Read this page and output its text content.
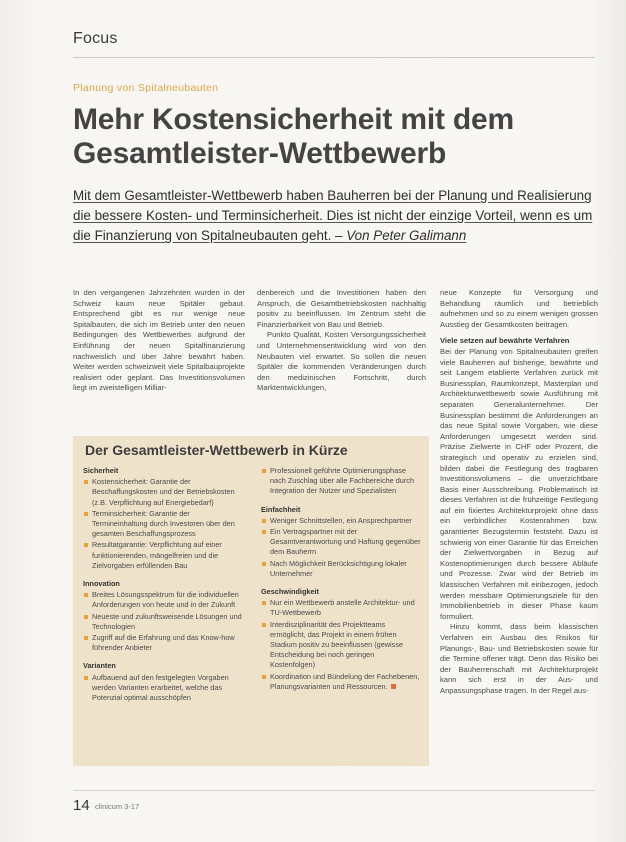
Focus
Planung von Spitalneubauten
Mehr Kostensicherheit mit dem Gesamtleister-Wettbewerb
Mit dem Gesamtleister-Wettbewerb haben Bauherren bei der Planung und Realisierung die bessere Kosten- und Terminsicherheit. Dies ist nicht der einzige Vorteil, wenn es um die Finanzierung von Spitalneubauten geht. – Von Peter Galimann

In den vergangenen Jahrzehnten wurden in der Schweiz kaum neue Spitäler gebaut. Entsprechend gibt es nur wenige neue Spitalbauten, die sich im Betrieb unter den neuen Bedingungen des Wettbewerbes aufgrund der Einführung der neuen Spitalfinanzierung nachweislich und über Jahre bewährt haben. Weiter werden schweizweit viele Spitalbauprojekte realisiert oder geplant. Das Investitionsvolumen liegt im zweistelligen Milliar-

denbereich und die Investitionen haben den Anspruch, die Gesamtbetriebskosten nachhaltig positiv zu beeinflussen. Im Zentrum steht die Finanzierbarkeit von Bau und Betrieb.

Punkto Qualität, Kosten Versorgungssicherheit und Unternehmensentwicklung wird von den Neubauten viel erwartet. So sollen die neuen Spitäler die kommenden Veränderungen durch den medizinischen Fortschritt, durch Marktentwicklungen,

neue Konzepte für Versorgung und Behandlung räumlich und betrieblich aufnehmen und so zu einem wenigen grossen Ausstieg der Gesamtkosten beitragen.

Viele setzen auf bewährte Verfahren

Bei der Planung von Spitalneubauten greifen viele Bauherren auf bisherige, bewährte und seit Langem etablierte Verfahren zurück mit Businessplan, Raumkonzept, Masterplan und Architekturwettbewerb sowie Ausführung mit separaten Generalunternehmer. Der Businessplan bestimmt die Anforderungen an das neue Spital sowie Vorgaben, wie diese Anforderungen umgesetzt werden sind. Präzise Zielwerte in CHF oder Prozent, die strategisch und operativ zu erzielen sind, bilden dabei die Festlegung des tragbaren Investitionsvolumens – die unverzichtbare Basis einer Ausschreibung. Problematisch ist dieses Verfahren ist die frühzeitige Festlegung auf ein fixiertes Architekturprojekt ohne dass ein verbindlicher Kostenrahmen bzw. garantierter Bezugstermin feststeht. Dazu ist schwierig von einer Garantie für das Erreichen der Zielwertvorgaben in Bezug auf Kostenoptimierungen durch bessere Abläufe und Prozesse. Zwar wird der Betrieb im klassischen Verfahren mit einbezogen, jedoch werden messbare Optimierungsziele für den Immobilienbetrieb in dieser Phase kaum formuliert.

Hinzu kommt, dass beim klassischen Verfahren ein Ausbau des Risikos für Planungs-, Bau- und Betriebskosten sowie für die Termine offener trägt. Denn das Risiko bei der Bauherrenschaft mit Architekturprojekt kann sich erst in der Aus- und Anpassungsphase tragen. In der Regel aus-

Der Gesamtleister-Wettbewerb in Kürze
Sicherheit
Kostensicherheit: Garantie der Beschaffungskosten und der Betriebskosten (z.B. Verpflichtung auf Energiebedarf)
Terminsicherheit: Garantie der Termineinhaltung durch Investoren über den gesamten Beschaffungsprozess
Resultatgarantie: Verpflichtung auf einer funktionierenden, mängelfreien und die Zielvorgaben erfüllenden Bau
Innovation
Breites Lösungsspektrum für die individuellen Anforderungen von heute und in der Zukunft
Neueste und zukunftsweisende Lösungen und Technologien
Zugriff auf die Erfahrung und das Know-how führender Anbieter
Varianten
Aufbauend auf den festgelegten Vorgaben werden Varianten erarbeitet, welche das Potenzial optimal ausschöpfen
Professionell geführte Optimierungsphase nach Zuschlag über alle Fachbereiche durch Integration der Nutzer und Spezialisten
Einfachheit
Weniger Schnittstellen, ein Ansprechpartner
Ein Vertragspartner mit der Gesamtverantwortung und Haftung gegenüber dem Bauherrn
Nach Möglichkeit Berücksichtigung lokaler Unternehmer
Geschwindigkeit
Nur ein Wettbewerb anstelle Architektur- und TU-Wettbewerb
Interdisziplinarität des Projektteams ermöglicht, das Projekt in einem frühen Stadium positiv zu beeinflussen (gewisse Entscheidung bei noch geringen Kostenfolgen)
Koordination und Bündelung der Fachebenen, Planungsvarianten und Ressourcen.
14 clinicum 3-17
